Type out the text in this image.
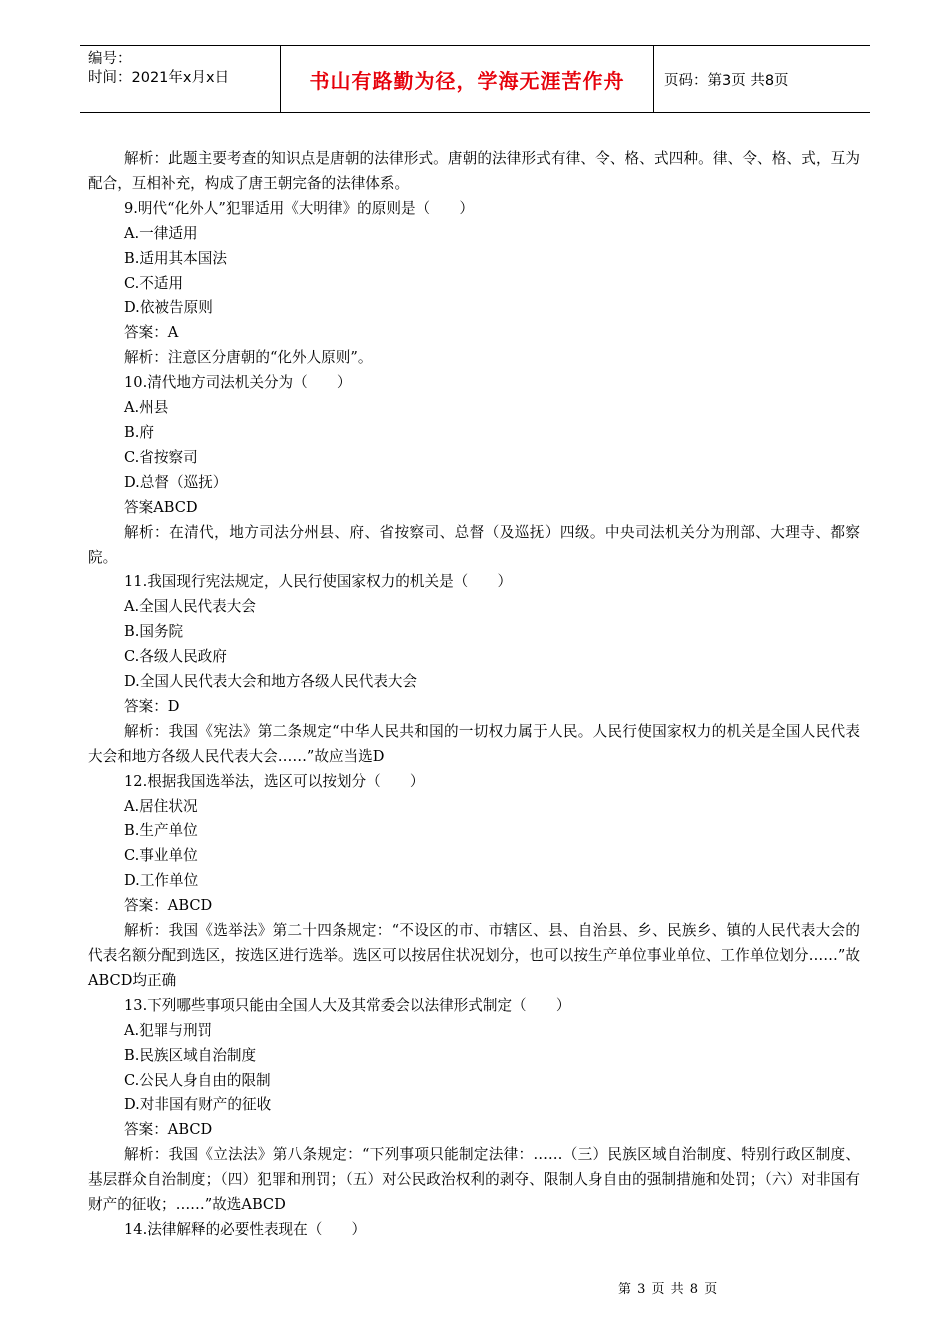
编号：
时间：2021年x月x日	书山有路勤为径，学海无涯苦作舟	页码：第3页 共8页

解析：此题主要考查的知识点是唐朝的法律形式。唐朝的法律形式有律、令、格、式四种。律、令、格、式，互为配合，互相补充，构成了唐王朝完备的法律体系。

9.明代“化外人”犯罪适用《大明律》的原则是（　　）

A.一律适用

B.适用其本国法

C.不适用

D.依被告原则

答案：A

解析：注意区分唐朝的“化外人原则”。

10.清代地方司法机关分为（　　）

A.州县

B.府

C.省按察司

D.总督（巡抚）

答案ABCD

解析：在清代，地方司法分州县、府、省按察司、总督（及巡抚）四级。中央司法机关分为刑部、大理寺、都察院。

11.我国现行宪法规定，人民行使国家权力的机关是（　　）

A.全国人民代表大会

B.国务院

C.各级人民政府

D.全国人民代表大会和地方各级人民代表大会

答案：D

解析：我国《宪法》第二条规定“中华人民共和国的一切权力属于人民。人民行使国家权力的机关是全国人民代表大会和地方各级人民代表大会……”故应当选D

12.根据我国选举法，选区可以按划分（　　）

A.居住状况

B.生产单位

C.事业单位

D.工作单位

答案：ABCD

解析：我国《选举法》第二十四条规定：“不设区的市、市辖区、县、自治县、乡、民族乡、镇的人民代表大会的代表名额分配到选区，按选区进行选举。选区可以按居住状况划分，也可以按生产单位事业单位、工作单位划分……”故ABCD均正确

13.下列哪些事项只能由全国人大及其常委会以法律形式制定（　　）

A.犯罪与刑罚

B.民族区域自治制度

C.公民人身自由的限制

D.对非国有财产的征收

答案：ABCD

解析：我国《立法法》第八条规定：“下列事项只能制定法律：……（三）民族区域自治制度、特别行政区制度、基层群众自治制度；（四）犯罪和刑罚；（五）对公民政治权利的剥夺、限制人身自由的强制措施和处罚；（六）对非国有财产的征收；……”故选ABCD

14.法律解释的必要性表现在（　　）

第 3 页 共 8 页
